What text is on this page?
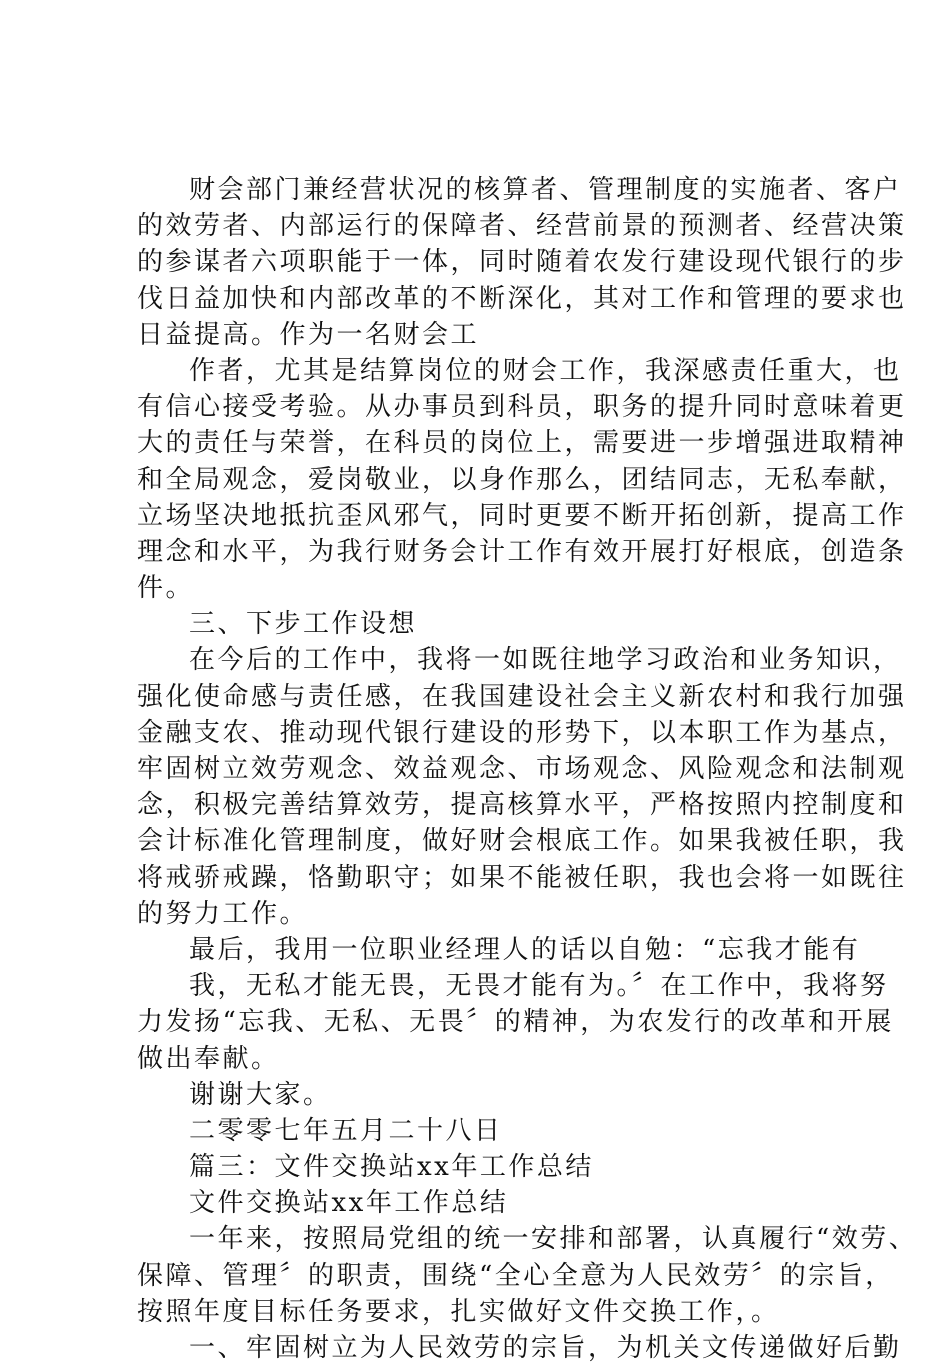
财会部门兼经营状况的核算者、管理制度的实施者、客户
的效劳者、内部运行的保障者、经营前景的预测者、经营决策
的参谋者六项职能于一体，同时随着农发行建设现代银行的步
伐日益加快和内部改革的不断深化，其对工作和管理的要求也
日益提高。作为一名财会工
作者，尤其是结算岗位的财会工作，我深感责任重大，也
有信心接受考验。从办事员到科员，职务的提升同时意味着更
大的责任与荣誉，在科员的岗位上，需要进一步增强进取精神
和全局观念，爱岗敬业，以身作那么，团结同志，无私奉献，
立场坚决地抵抗歪风邪气，同时更要不断开拓创新，提高工作
理念和水平，为我行财务会计工作有效开展打好根底，创造条
件。
三、下步工作设想
在今后的工作中，我将一如既往地学习政治和业务知识，
强化使命感与责任感，在我国建设社会主义新农村和我行加强
金融支农、推动现代银行建设的形势下，以本职工作为基点，
牢固树立效劳观念、效益观念、市场观念、风险观念和法制观
念，积极完善结算效劳，提高核算水平，严格按照内控制度和
会计标准化管理制度，做好财会根底工作。如果我被任职，我
将戒骄戒躁，恪勤职守；如果不能被任职，我也会将一如既往
的努力工作。
最后，我用一位职业经理人的话以自勉：“忘我才能有
我，无私才能无畏，无畏才能有为。〞在工作中，我将努
力发扬“忘我、无私、无畏〞的精神，为农发行的改革和开展
做出奉献。
谢谢大家。
二零零七年五月二十八日
篇三：文件交换站xx年工作总结
文件交换站xx年工作总结
一年来，按照局党组的统一安排和部署，认真履行“效劳、
保障、管理〞的职责，围绕“全心全意为人民效劳〞的宗旨，
按照年度目标任务要求，扎实做好文件交换工作，。
一、牢固树立为人民效劳的宗旨，为机关文传递做好后勤
